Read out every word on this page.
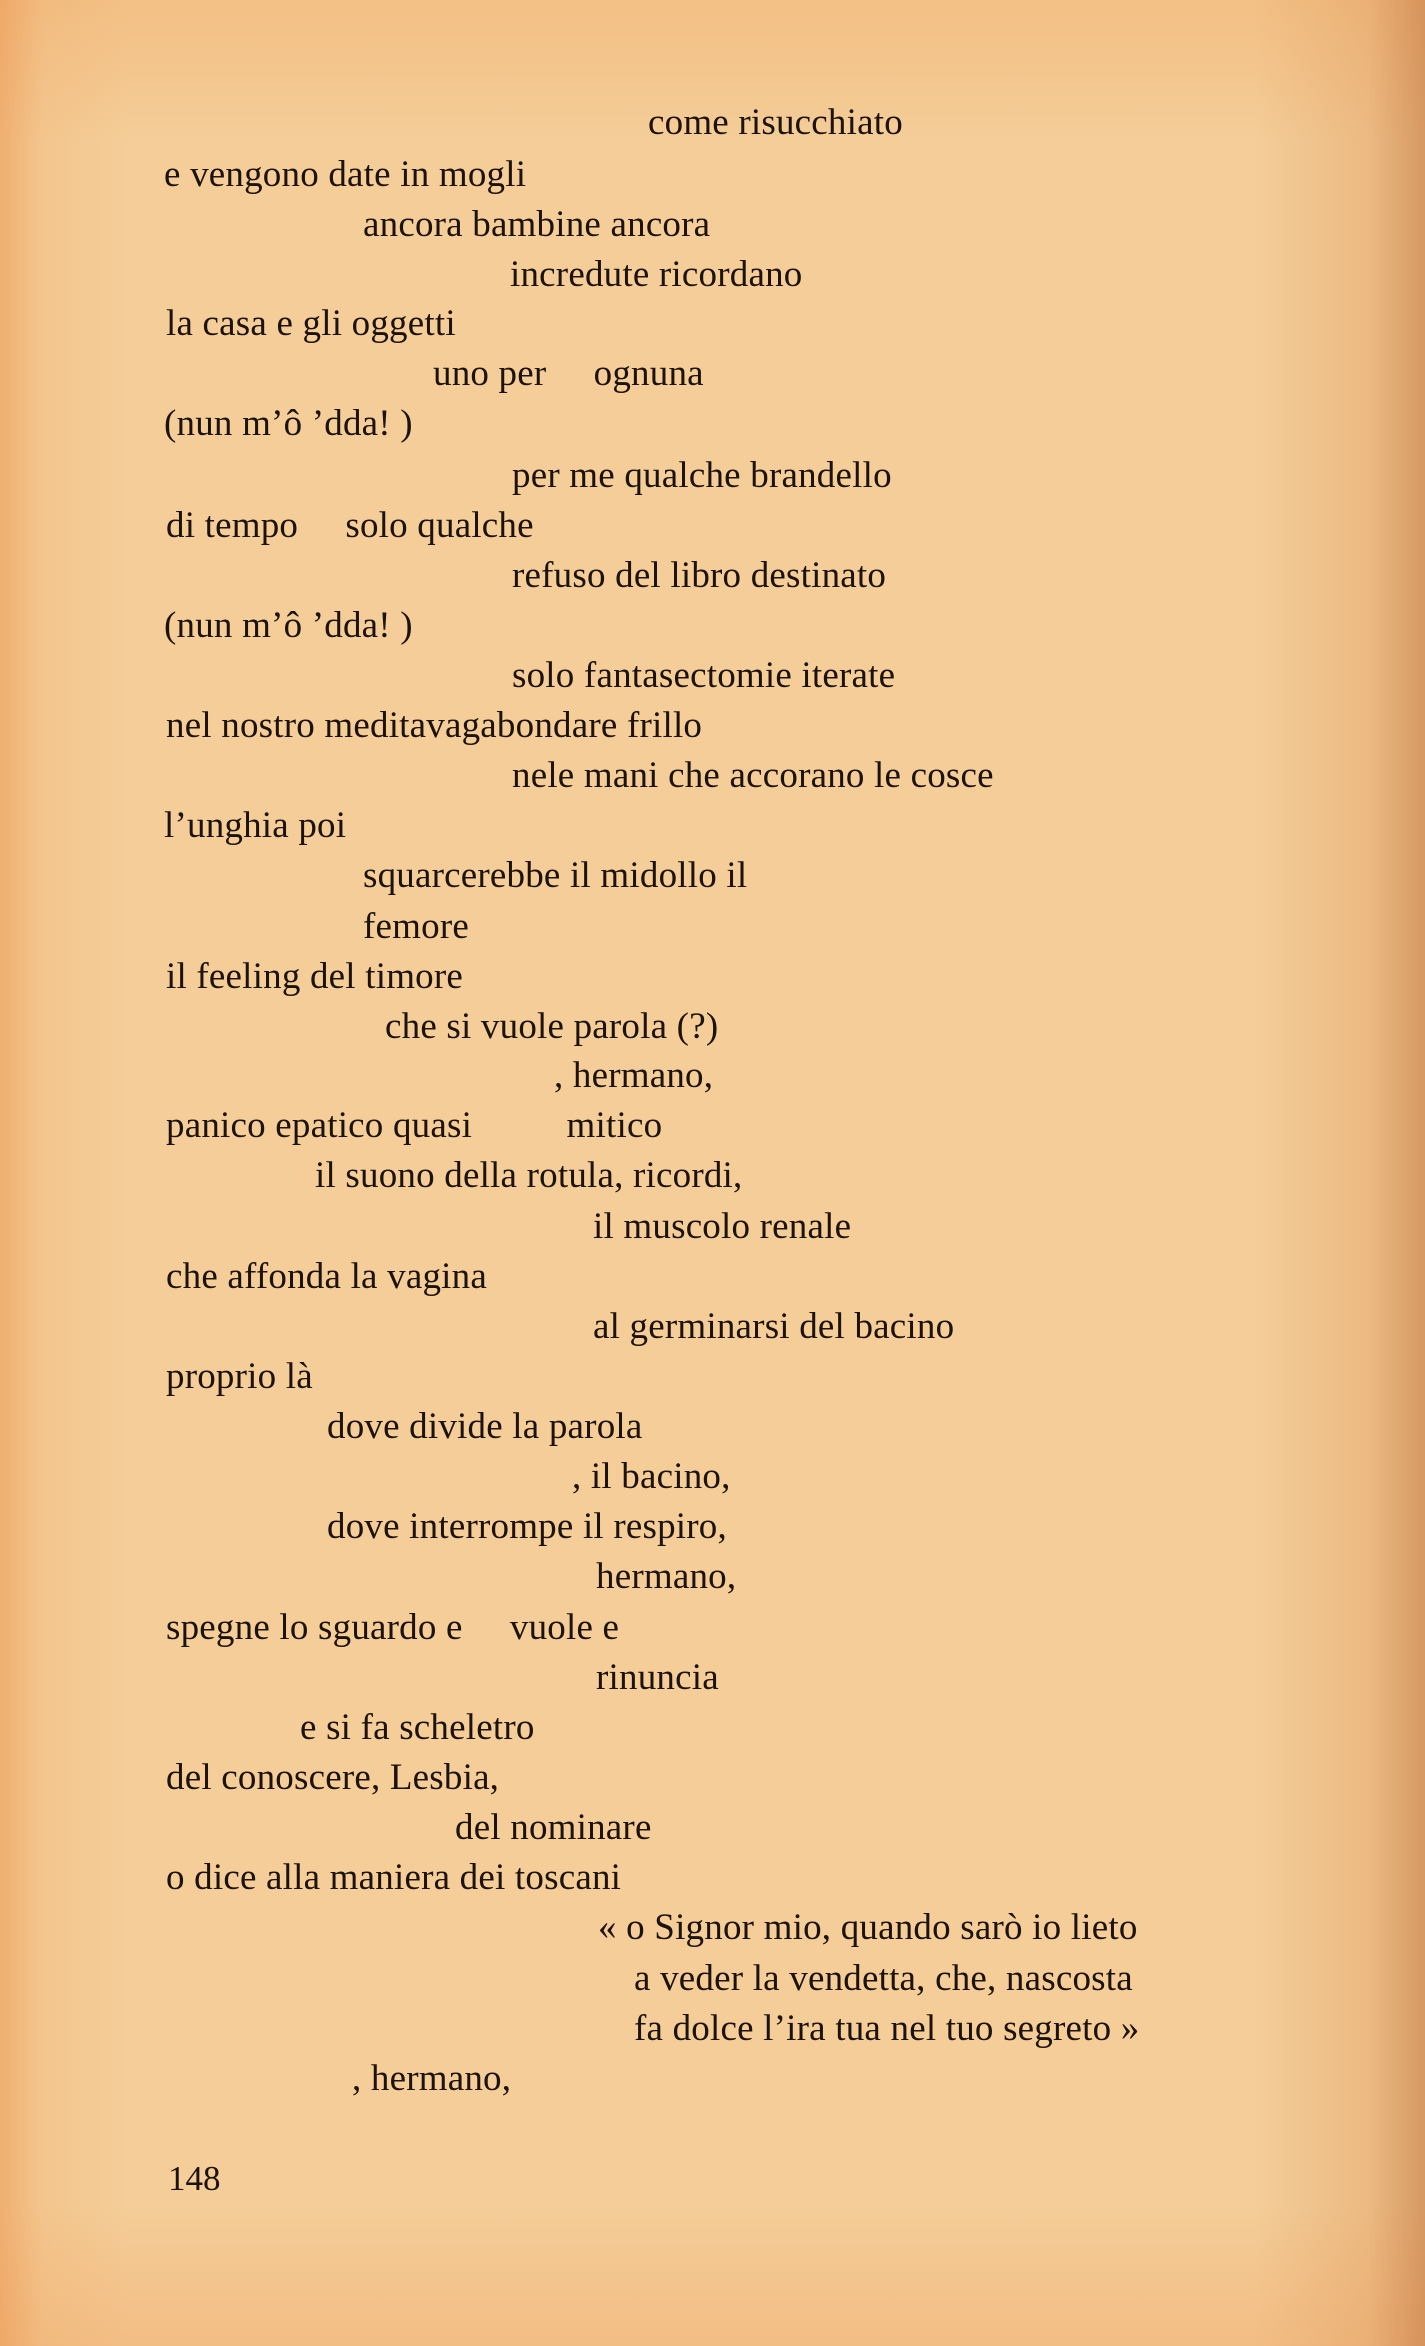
come risucchiato

e vengono date in mogli

ancora bambine ancora

incredute ricordano

la casa e gli oggetti

uno per     ognuna

(nun m’ô ’dda! )

per me qualche brandello

di tempo     solo qualche

refuso del libro destinato

(nun m’ô ’dda! )

solo fantasectomie iterate

nel nostro meditavagabondare frillo

nele mani che accorano le cosce

l’unghia poi

squarcerebbe il midollo il

femore

il feeling del timore

che si vuole parola (?)

, hermano,

panico epatico quasi          mitico

il suono della rotula, ricordi,

il muscolo renale

che affonda la vagina

al germinarsi del bacino

proprio là

dove divide la parola

, il bacino,

dove interrompe il respiro,

hermano,

spegne lo sguardo e     vuole e

rinuncia

e si fa scheletro

del conoscere, Lesbia,

del nominare

o dice alla maniera dei toscani

« o Signor mio, quando sarò io lieto

a veder la vendetta, che, nascosta

fa dolce l’ira tua nel tuo segreto »

, hermano,

148
